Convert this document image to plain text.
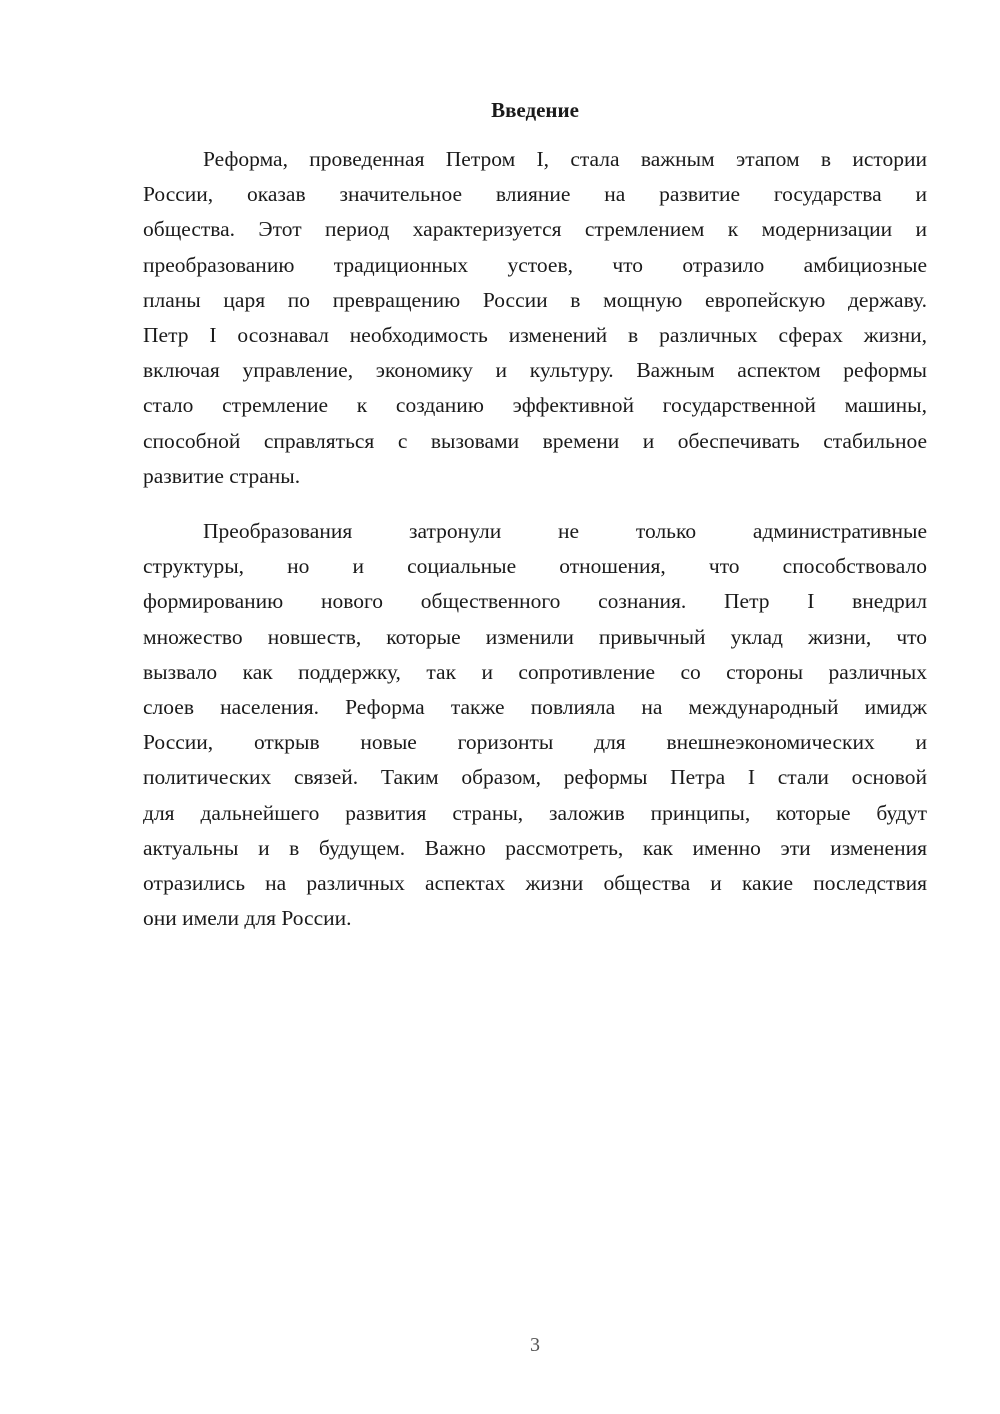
Введение
Реформа, проведенная Петром I, стала важным этапом в истории
России, оказав значительное влияние на развитие государства и
общества. Этот период характеризуется стремлением к модернизации и
преобразованию традиционных устоев, что отразило амбициозные
планы царя по превращению России в мощную европейскую державу.
Петр I осознавал необходимость изменений в различных сферах жизни,
включая управление, экономику и культуру. Важным аспектом реформы
стало стремление к созданию эффективной государственной машины,
способной справляться с вызовами времени и обеспечивать стабильное
развитие страны.
Преобразования затронули не только административные
структуры, но и социальные отношения, что способствовало
формированию нового общественного сознания. Петр I внедрил
множество новшеств, которые изменили привычный уклад жизни, что
вызвало как поддержку, так и сопротивление со стороны различных
слоев населения. Реформа также повлияла на международный имидж
России, открыв новые горизонты для внешнеэкономических и
политических связей. Таким образом, реформы Петра I стали основой
для дальнейшего развития страны, заложив принципы, которые будут
актуальны и в будущем. Важно рассмотреть, как именно эти изменения
отразились на различных аспектах жизни общества и какие последствия
они имели для России.
3
